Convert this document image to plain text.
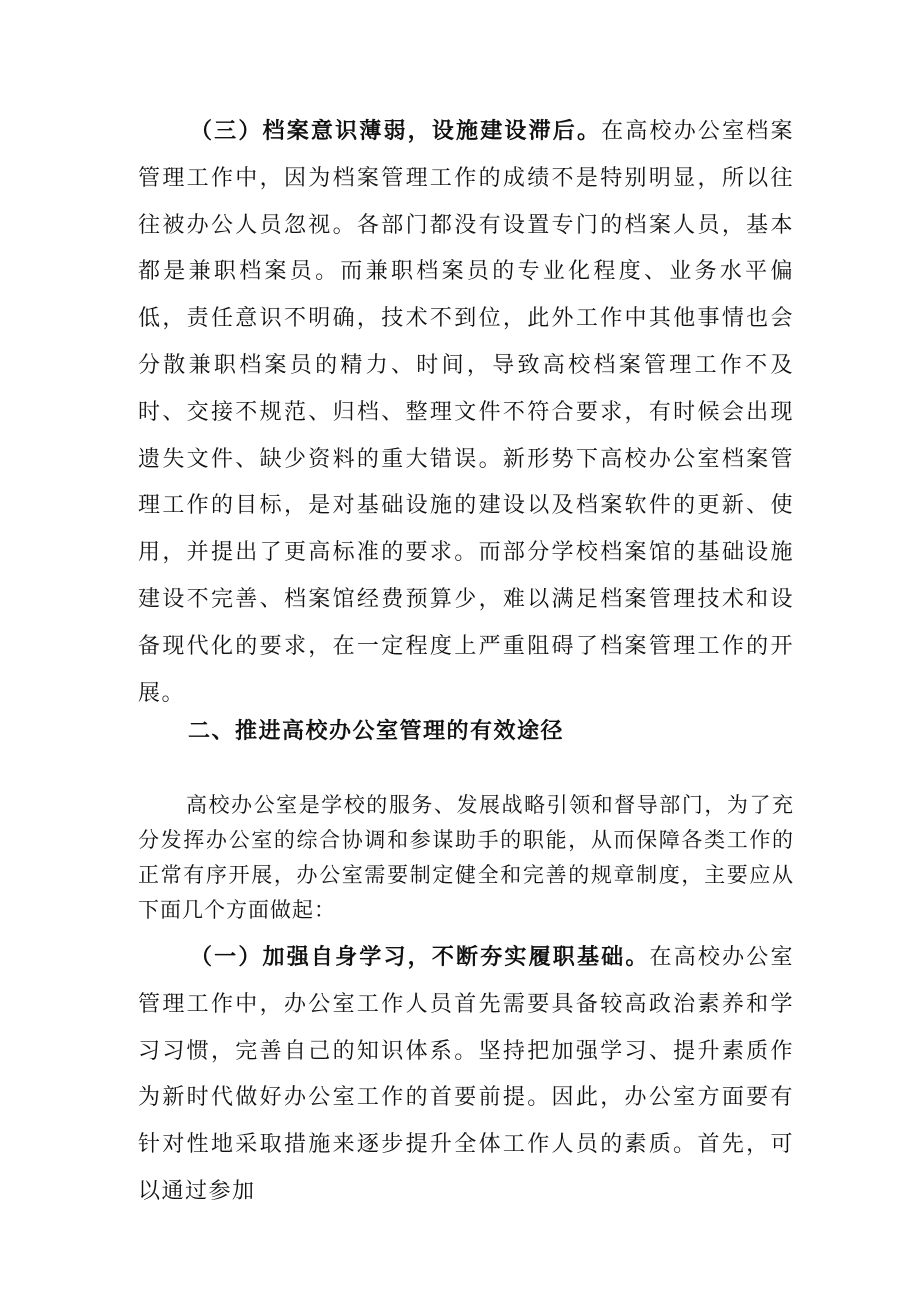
（三）档案意识薄弱，设施建设滞后。在高校办公室档案管理工作中，因为档案管理工作的成绩不是特别明显，所以往往被办公人员忽视。各部门都没有设置专门的档案人员，基本都是兼职档案员。而兼职档案员的专业化程度、业务水平偏低，责任意识不明确，技术不到位，此外工作中其他事情也会分散兼职档案员的精力、时间，导致高校档案管理工作不及时、交接不规范、归档、整理文件不符合要求，有时候会出现遗失文件、缺少资料的重大错误。新形势下高校办公室档案管理工作的目标，是对基础设施的建设以及档案软件的更新、使用，并提出了更高标准的要求。而部分学校档案馆的基础设施建设不完善、档案馆经费预算少，难以满足档案管理技术和设备现代化的要求，在一定程度上严重阻碍了档案管理工作的开展。

二、推进高校办公室管理的有效途径

高校办公室是学校的服务、发展战略引领和督导部门，为了充分发挥办公室的综合协调和参谋助手的职能，从而保障各类工作的正常有序开展，办公室需要制定健全和完善的规章制度，主要应从下面几个方面做起：

（一）加强自身学习，不断夯实履职基础。在高校办公室管理工作中，办公室工作人员首先需要具备较高政治素养和学习习惯，完善自己的知识体系。坚持把加强学习、提升素质作为新时代做好办公室工作的首要前提。因此，办公室方面要有针对性地采取措施来逐步提升全体工作人员的素质。首先，可以通过参加
